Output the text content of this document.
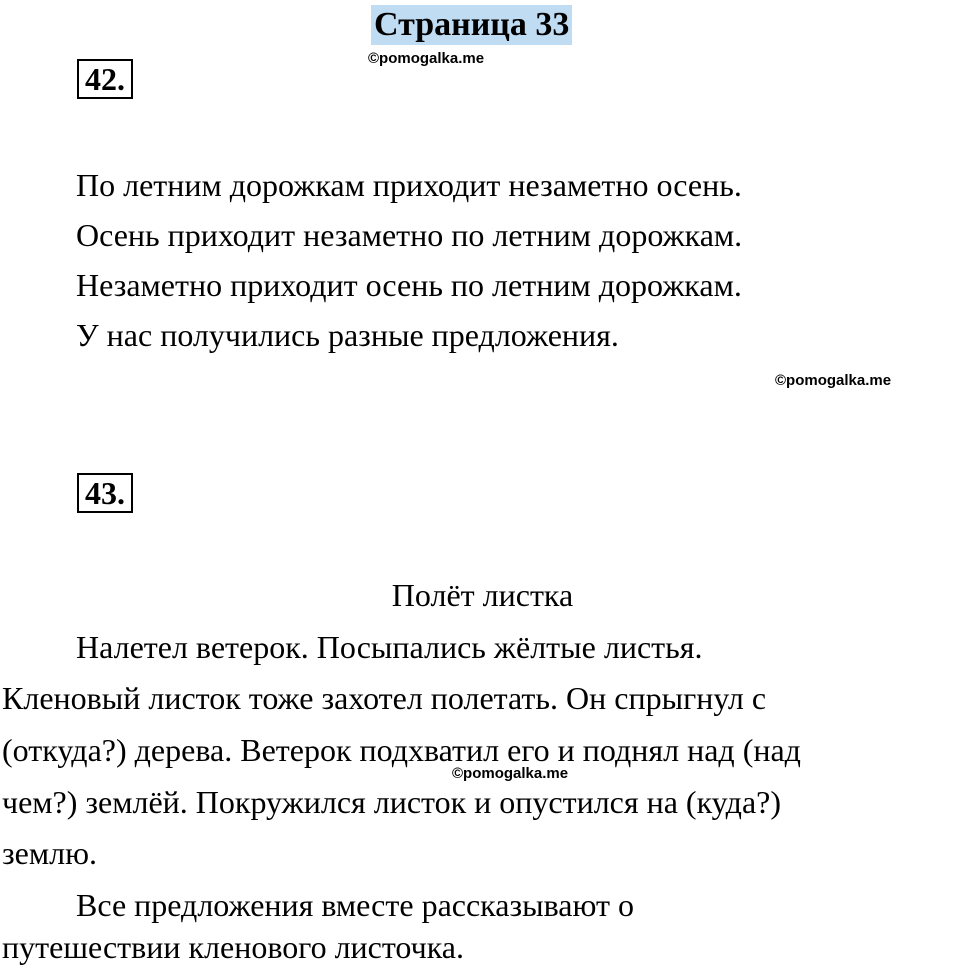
Страница 33
©pomogalka.me
42.
По летним дорожкам приходит незаметно осень.
Осень приходит незаметно по летним дорожкам.
Незаметно приходит осень по летним дорожкам.
У нас получились разные предложения.
©pomogalka.me
43.
Полёт листка
Налетел ветерок. Посыпались жёлтые листья.
Кленовый листок тоже захотел полетать. Он спрыгнул с
(откуда?) дерева. Ветерок подхватил его и поднял над (над
©pomogalka.me
чем?) землёй. Покружился листок и опустился на (куда?)
землю.
Все предложения вместе рассказывают о
путешествии кленового листочка.
